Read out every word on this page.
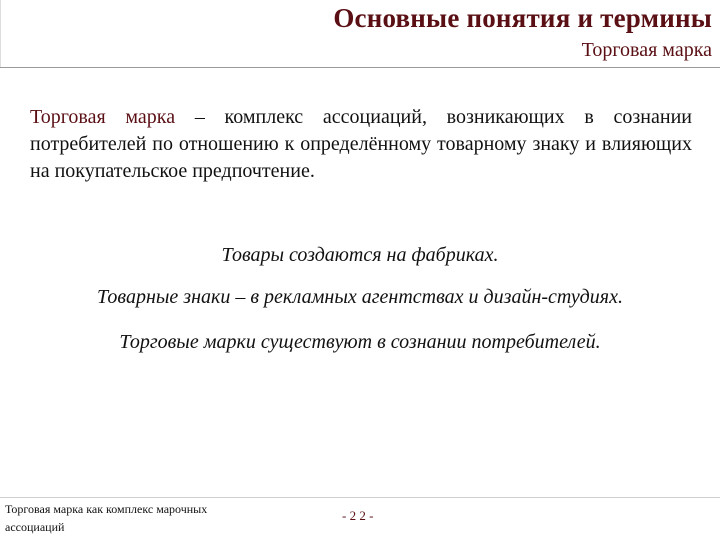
Основные понятия и термины
Торговая марка
Торговая марка – комплекс ассоциаций, возникающих в сознании потребителей по отношению к определённому товарному знаку и влияющих на покупательское предпочтение.
Товары создаются на фабриках.
Товарные знаки – в рекламных агентствах и дизайн-студиях.
Торговые марки существуют в сознании потребителей.
Торговая марка как комплекс марочных ассоциаций
- 2 2 -
